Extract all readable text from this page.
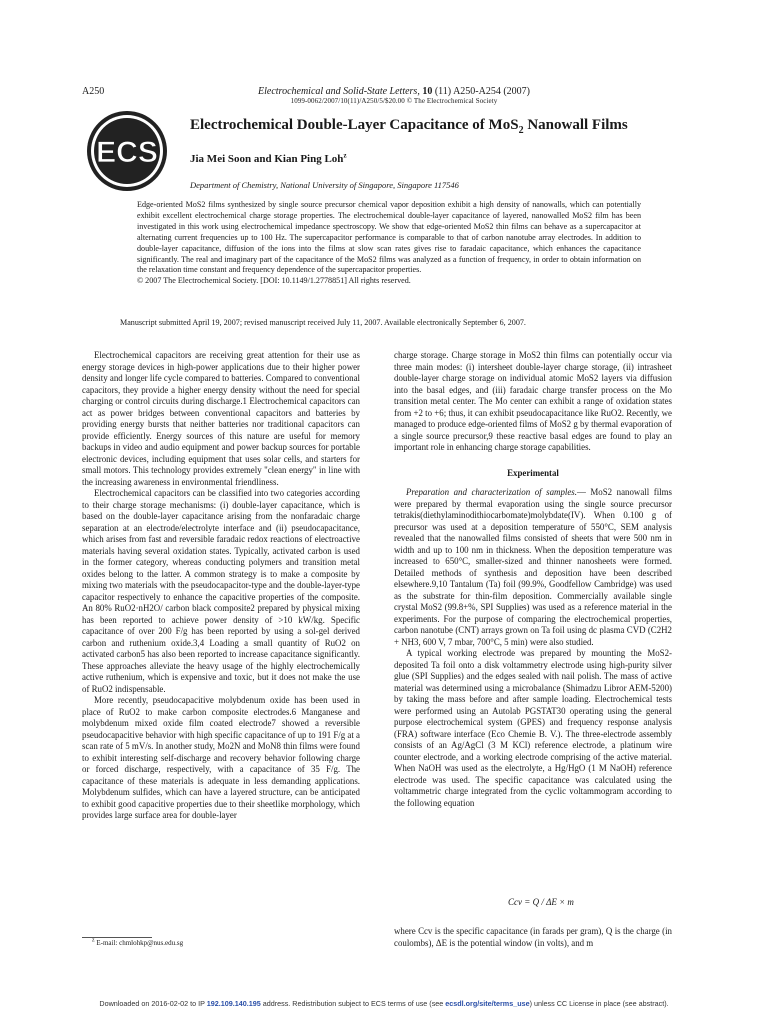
A250	Electrochemical and Solid-State Letters, 10 (11) A250-A254 (2007)
1099-0062/2007/10(11)/A250/5/$20.00 © The Electrochemical Society
ECS
Electrochemical Double-Layer Capacitance of MoS$_2$ Nanowall Films
Jia Mei Soon and Kian Ping Loh$^z$
Department of Chemistry, National University of Singapore, Singapore 117546
Edge-oriented MoS2 films synthesized by single source precursor chemical vapor deposition exhibit a high density of nanowalls, which can potentially exhibit excellent electrochemical charge storage properties. The electrochemical double-layer capacitance of layered, nanowalled MoS2 film has been investigated in this work using electrochemical impedance spectroscopy. We show that edge-oriented MoS2 thin films can behave as a supercapacitor at alternating current frequencies up to 100 Hz. The supercapacitor performance is comparable to that of carbon nanotube array electrodes. In addition to double-layer capacitance, diffusion of the ions into the films at slow scan rates gives rise to faradaic capacitance, which enhances the capacitance significantly. The real and imaginary part of the capacitance of the MoS2 films was analyzed as a function of frequency, in order to obtain information on the relaxation time constant and frequency dependence of the supercapacitor properties.
© 2007 The Electrochemical Society. [DOI: 10.1149/1.2778851] All rights reserved.
Manuscript submitted April 19, 2007; revised manuscript received July 11, 2007. Available electronically September 6, 2007.

Electrochemical capacitors are receiving great attention for their use as energy storage devices in high-power applications due to their higher power density and longer life cycle compared to batteries. Compared to conventional capacitors, they provide a higher energy density without the need for special charging or control circuits during discharge.1 Electrochemical capacitors can act as power bridges between conventional capacitors and batteries by providing energy bursts that neither batteries nor traditional capacitors can provide efficiently. Energy sources of this nature are useful for memory backups in video and audio equipment and power backup sources for portable electronic devices, including equipment that uses solar cells, and starters for small motors. This technology provides extremely "clean energy" in line with the increasing awareness in environmental friendliness.

Electrochemical capacitors can be classified into two categories according to their charge storage mechanisms: (i) double-layer capacitance, which is based on the double-layer capacitance arising from the nonfaradaic charge separation at an electrode/electrolyte interface and (ii) pseudocapacitance, which arises from fast and reversible faradaic redox reactions of electroactive materials having several oxidation states. Typically, activated carbon is used in the former category, whereas conducting polymers and transition metal oxides belong to the latter. A common strategy is to make a composite by mixing two materials with the pseudocapacitor-type and the double-layer-type capacitor respectively to enhance the capacitive properties of the composite. An 80% RuO2·nH2O/ carbon black composite2 prepared by physical mixing has been reported to achieve power density of >10 kW/kg. Specific capacitance of over 200 F/g has been reported by using a sol-gel derived carbon and ruthenium oxide.3,4 Loading a small quantity of RuO2 on activated carbon5 has also been reported to increase capacitance significantly. These approaches alleviate the heavy usage of the highly electrochemically active ruthenium, which is expensive and toxic, but it does not make the use of RuO2 indispensable.

More recently, pseudocapacitive molybdenum oxide has been used in place of RuO2 to make carbon composite electrodes.6 Manganese and molybdenum mixed oxide film coated electrode7 showed a reversible pseudocapacitive behavior with high specific capacitance of up to 191 F/g at a scan rate of 5 mV/s. In another study, Mo2N and MoN8 thin films were found to exhibit interesting self-discharge and recovery behavior following charge or forced discharge, respectively, with a capacitance of 35 F/g. The capacitance of these materials is adequate in less demanding applications. Molybdenum sulfides, which can have a layered structure, can be anticipated to exhibit good capacitive properties due to their sheetlike morphology, which provides large surface area for double-layer

charge storage. Charge storage in MoS2 thin films can potentially occur via three main modes: (i) intersheet double-layer charge storage, (ii) intrasheet double-layer charge storage on individual atomic MoS2 layers via diffusion into the basal edges, and (iii) faradaic charge transfer process on the Mo transition metal center. The Mo center can exhibit a range of oxidation states from +2 to +6; thus, it can exhibit pseudocapacitance like RuO2. Recently, we managed to produce edge-oriented films of MoS2 g by thermal evaporation of a single source precursor,9 these reactive basal edges are found to play an important role in enhancing charge storage capabilities.

Experimental

Preparation and characterization of samples.— MoS2 nanowall films were prepared by thermal evaporation using the single source precursor tetrakis(diethylaminodithiocarbomate)molybdate(IV). When 0.100 g of precursor was used at a deposition temperature of 550°C, SEM analysis revealed that the nanowalled films consisted of sheets that were 500 nm in width and up to 100 nm in thickness. When the deposition temperature was increased to 650°C, smaller-sized and thinner nanosheets were formed. Detailed methods of synthesis and deposition have been described elsewhere.9,10 Tantalum (Ta) foil (99.9%, Goodfellow Cambridge) was used as the substrate for thin-film deposition. Commercially available single crystal MoS2 (99.8+%, SPI Supplies) was used as a reference material in the experiments. For the purpose of comparing the electrochemical properties, carbon nanotube (CNT) arrays grown on Ta foil using dc plasma CVD (C2H2 + NH3, 600 V, 7 mbar, 700°C, 5 min) were also studied.

A typical working electrode was prepared by mounting the MoS2-deposited Ta foil onto a disk voltammetry electrode using high-purity silver glue (SPI Supplies) and the edges sealed with nail polish. The mass of active material was determined using a microbalance (Shimadzu Libror AEM-5200) by taking the mass before and after sample loading. Electrochemical tests were performed using an Autolab PGSTAT30 operating using the general purpose electrochemical system (GPES) and frequency response analysis (FRA) software interface (Eco Chemie B. V.). The three-electrode assembly consists of an Ag/AgCl (3 M KCl) reference electrode, a platinum wire counter electrode, and a working electrode comprising of the active material. When NaOH was used as the electrolyte, a Hg/HgO (1 M NaOH) reference electrode was used. The specific capacitance was calculated using the voltammetric charge integrated from the cyclic voltammogram according to the following equation

Ccv = Q / ΔE × m
where Ccv is the specific capacitance (in farads per gram), Q is the charge (in coulombs), ΔE is the potential window (in volts), and m
$^z$ E-mail: chmlohkp@nus.edu.sg
Downloaded on 2016-02-02 to IP 192.109.140.195 address. Redistribution subject to ECS terms of use (see ecsdl.org/site/terms_use) unless CC License in place (see abstract).
